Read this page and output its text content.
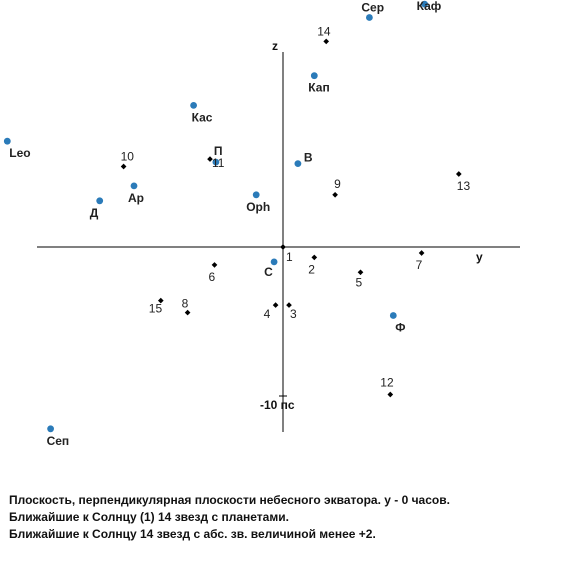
y
z
-10 пс
Сер	Каф
Кап
Кас
Leo	П	В
Ар
Д	Oph
С
Ф
Сеп
1
2
3
4
5
6
7
8
9
10	11
12
13
14
15
Плоскость, перпендикулярная плоскости небесного экватора. y - 0 часов.
Ближайшие к Солнцу (1) 14 звезд с планетами.
Ближайшие к Солнцу 14 звезд с абс. зв. величиной менее +2.
